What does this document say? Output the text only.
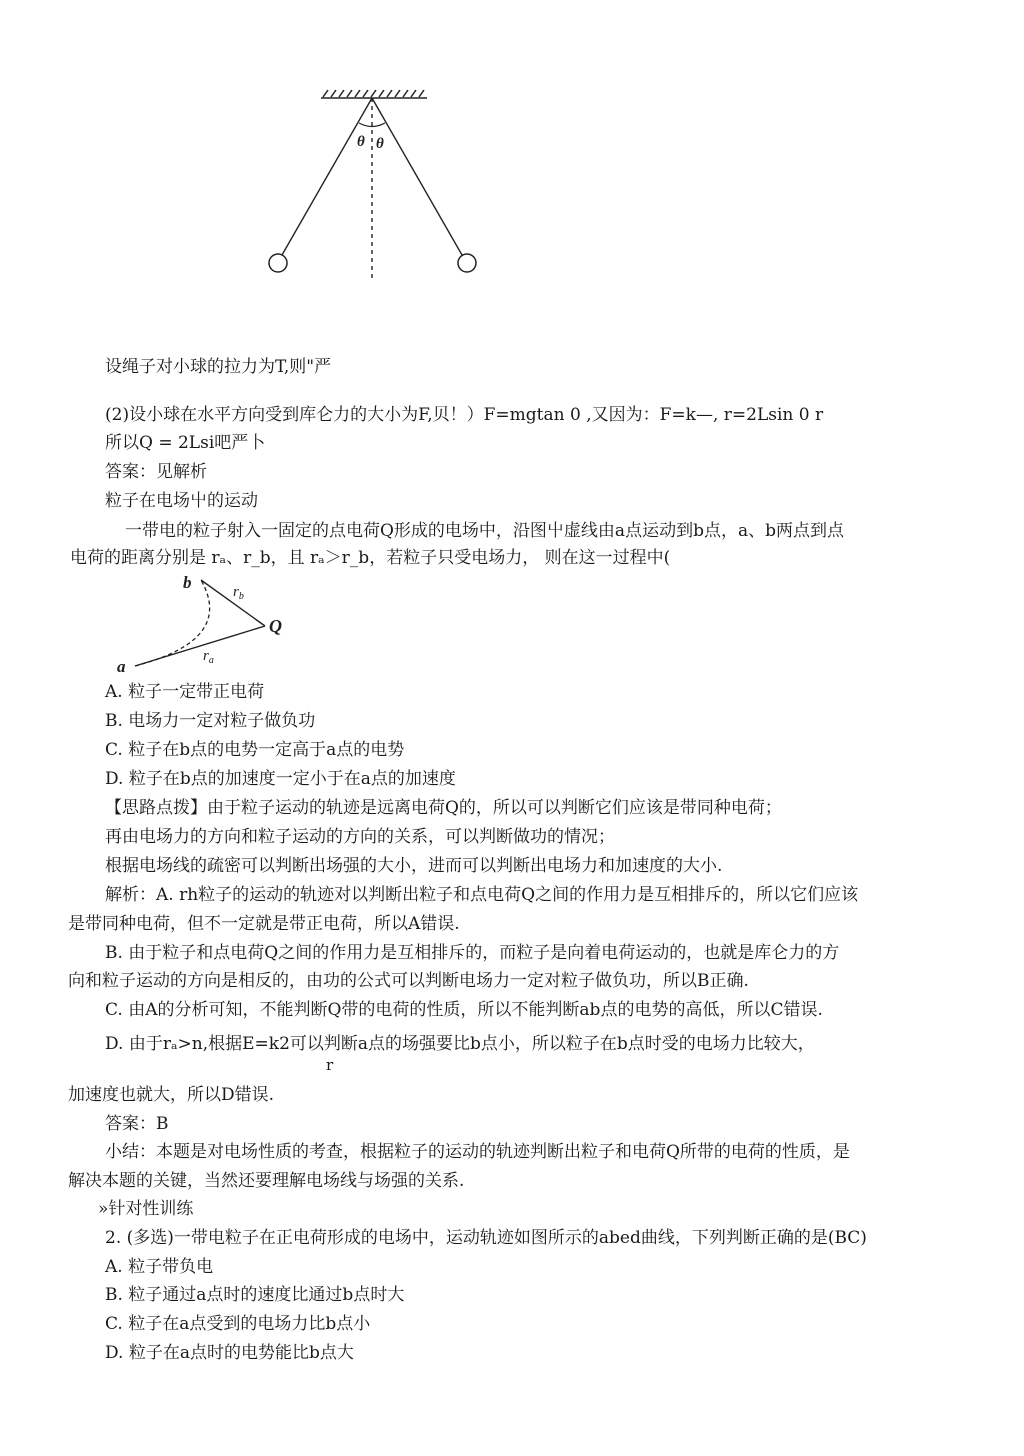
θ θ
设绳子对小球的拉力为T,则"严
(2)设小球在水平方向受到库仑力的大小为F,贝！）F=mgtan 0 ,又因为：F=k—, r=2Lsin 0 r
所以Q = 2Lsi吧严卜
答案：见解析
粒子在电场屮的运动
一带电的粒子射入一固定的点电荷Q形成的电场中，沿图屮虚线由a点运动到b点，a、b两点到点
电荷的距离分别是 rₐ、r_b，且 rₐ＞r_b，若粒子只受电场力， 则在这一过程中(
b	$r_b$
Q
$r_a$
a
A. 粒子一定带正电荷
B. 电场力一定对粒子做负功
C. 粒子在b点的电势一定高于a点的电势
D. 粒子在b点的加速度一定小于在a点的加速度
【思路点拨】由于粒子运动的轨迹是远离电荷Q的，所以可以判断它们应该是带同种电荷；
再由电场力的方向和粒子运动的方向的关系，可以判断做功的情况；
根据电场线的疏密可以判断出场强的大小，进而可以判断出电场力和加速度的大小.
解析：A. rh粒子的运动的轨迹对以判断出粒子和点电荷Q之间的作用力是互相排斥的，所以它们应该
是带同种电荷，但不一定就是带正电荷，所以A错误.
B. 由于粒子和点电荷Q之间的作用力是互相排斥的，而粒子是向着电荷运动的，也就是库仑力的方
向和粒子运动的方向是相反的，由功的公式可以判断电场力一定对粒子做负功，所以B正确.
C. 由A的分析可知，不能判断Q带的电荷的性质，所以不能判断ab点的电势的高低，所以C错误.
D. 由于rₐ>n,根据E=k2可以判断a点的场强要比b点小，所以粒子在b点时受的电场力比较大，
r
加速度也就大，所以D错误.
答案：B
小结：本题是对电场性质的考查，根据粒子的运动的轨迹判断出粒子和电荷Q所带的电荷的性质，是
解决本题的关键，当然还要理解电场线与场强的关系.
»针对性训练
2. (多选)一带电粒子在正电荷形成的电场中，运动轨迹如图所示的abed曲线，下列判断正确的是(BC)
A. 粒子带负电
B. 粒子通过a点时的速度比通过b点时大
C. 粒子在a点受到的电场力比b点小
D. 粒子在a点时的电势能比b点大
